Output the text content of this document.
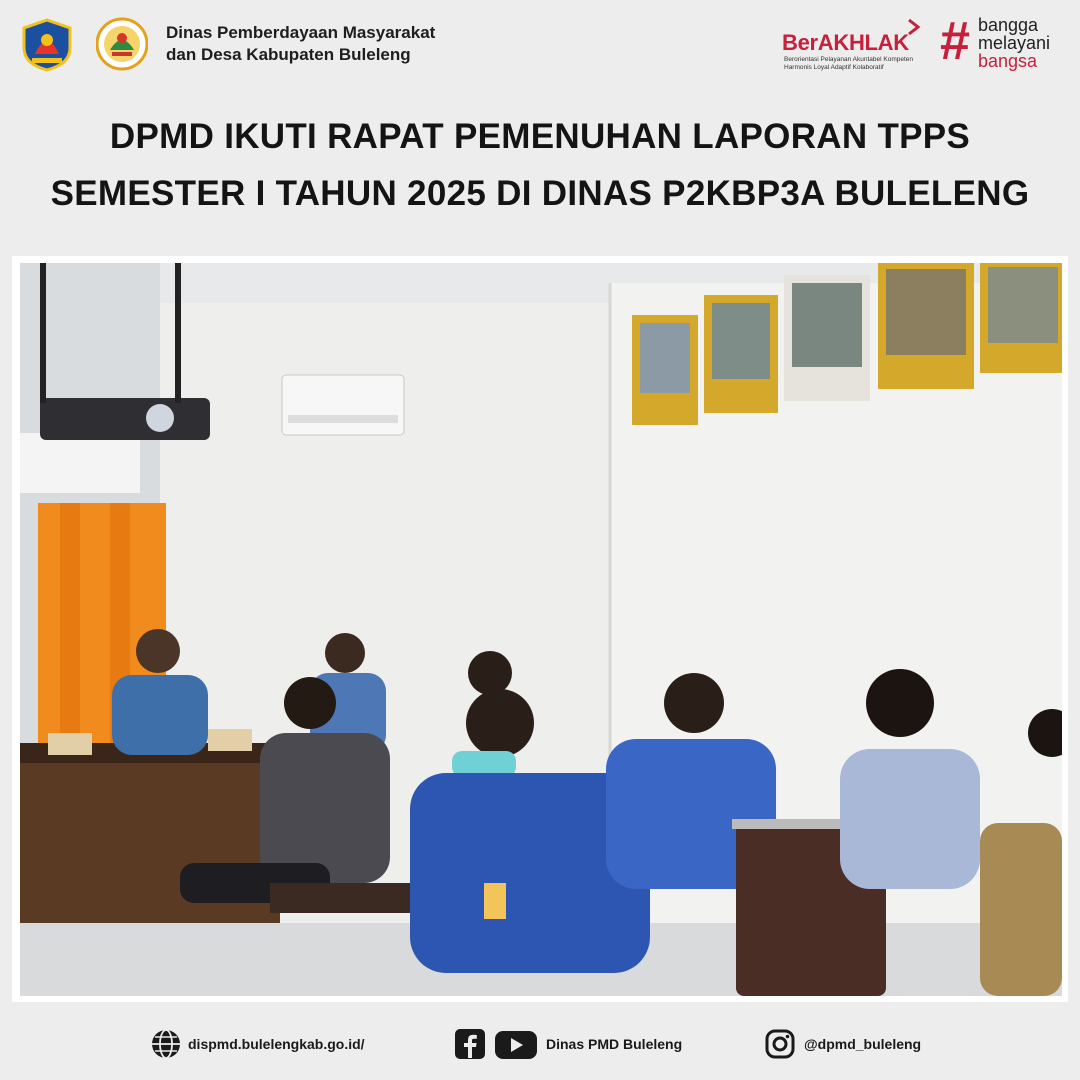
Dinas Pemberdayaan Masyarakat
dan Desa Kabupaten Buleleng	BerAKHLAK
Berorientasi Pelayanan Akuntabel Kompeten
Harmonis Loyal Adaptif Kolaboratif	# bangga
melayani
bangsa
DPMD IKUTI RAPAT PEMENUHAN LAPORAN TPPS
SEMESTER I TAHUN 2025 DI DINAS P2KBP3A BULELENG
dispmd.bulelengkab.go.id/	Dinas PMD Buleleng	@dpmd_buleleng
